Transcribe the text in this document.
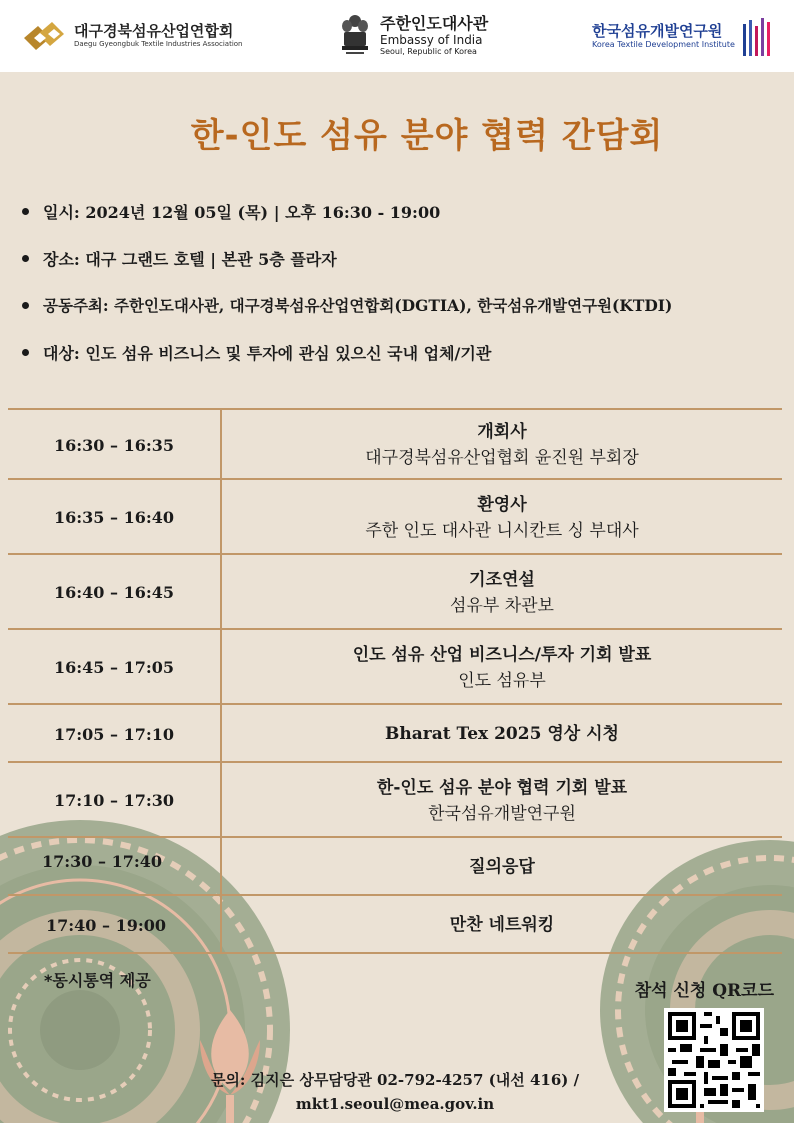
대구경북섬유산업연합회
Daegu Gyeongbuk Textile Industries Association
주한인도대사관
Embassy of India
Seoul, Republic of Korea
한국섬유개발연구원
Korea Textile Development Institute
한-인도 섬유 분야 협력 간담회
일시: 2024년 12월 05일 (목) | 오후 16:30 - 19:00
장소: 대구 그랜드 호텔 | 본관 5층 플라자
공동주최: 주한인도대사관, 대구경북섬유산업연합회(DGTIA), 한국섬유개발연구원(KTDI)
대상: 인도 섬유 비즈니스 및 투자에 관심 있으신 국내 업체/기관
16:30 – 16:35
개회사
대구경북섬유산업협회 윤진원 부회장
16:35 – 16:40
환영사
주한 인도 대사관 니시칸트 싱 부대사
16:40 – 16:45
기조연설
섬유부 차관보
16:45 – 17:05
인도 섬유 산업 비즈니스/투자 기회 발표
인도 섬유부
17:05 – 17:10	Bharat Tex 2025 영상 시청
17:10 – 17:30
한-인도 섬유 분야 협력 기회 발표
한국섬유개발연구원
17:30 – 17:40	질의응답
17:40 – 19:00	만찬 네트워킹
*동시통역 제공
참석 신청 QR코드
문의: 김지은 상무담당관 02-792-4257 (내선 416) /
mkt1.seoul@mea.gov.in
